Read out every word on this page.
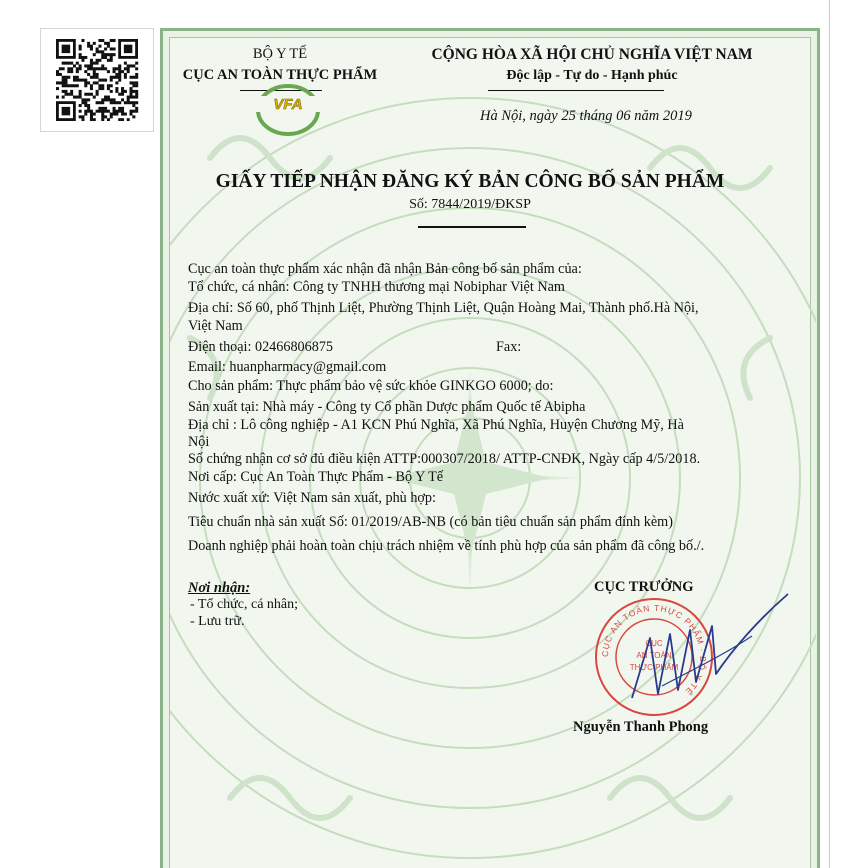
BỘ Y TẾ
CỤC AN TOÀN THỰC PHẨM
VFA
CỘNG HÒA XÃ HỘI CHỦ NGHĨA VIỆT NAM
Độc lập - Tự do - Hạnh phúc
Hà Nội, ngày 25 tháng 06 năm 2019
GIẤY TIẾP NHẬN ĐĂNG KÝ BẢN CÔNG BỐ SẢN PHẨM
Số: 7844/2019/ĐKSP
Cục an toàn thực phẩm xác nhận đã nhận Bản công bố sản phẩm của:
Tổ chức, cá nhân: Công ty TNHH thương mại Nobiphar Việt Nam
Địa chỉ: Số 60, phố Thịnh Liệt, Phường Thịnh Liệt, Quận Hoàng Mai, Thành phố.Hà Nội,
Việt Nam
Điện thoại: 02466806875	Fax:
Email: huanpharmacy@gmail.com
Cho sản phẩm: Thực phẩm bảo vệ sức khỏe GINKGO 6000; do:
Sản xuất tại: Nhà máy - Công ty Cổ phần Dược phẩm Quốc tế Abipha
Địa chỉ : Lô công nghiệp - A1 KCN Phú Nghĩa, Xã Phú Nghĩa, Huyện Chương Mỹ, Hà
Nội
Số chứng nhận cơ sở đủ điều kiện ATTP:000307/2018/ ATTP-CNĐK, Ngày cấp 4/5/2018.
Nơi cấp: Cục An Toàn Thực Phẩm - Bộ Y Tế
Nước xuất xứ: Việt Nam sản xuất, phù hợp:
Tiêu chuẩn nhà sản xuất Số: 01/2019/AB-NB (có bản tiêu chuẩn sản phẩm đính kèm)
Doanh nghiệp phải hoàn toàn chịu trách nhiệm về tính phù hợp của sản phẩm đã công bố./.
Nơi nhận:
- Tổ chức, cá nhân;
- Lưu trữ.
CỤC TRƯỞNG
CỤC AN TOÀN THỰC PHẨM · BỘ Y TẾ
CỤC
AN TOÀN
THỰC PHẨM
Nguyễn Thanh Phong
